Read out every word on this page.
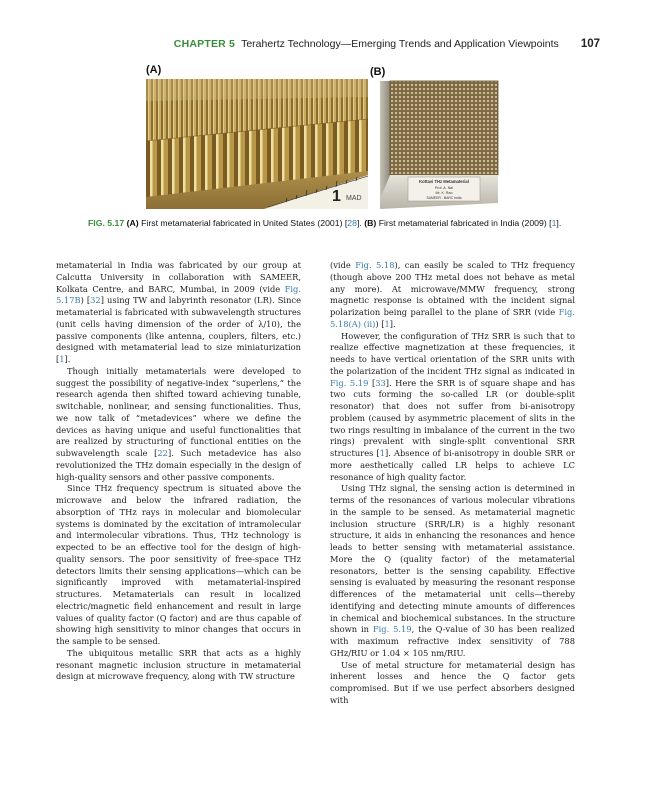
CHAPTER 5 Terahertz Technology—Emerging Trends and Application Viewpoints 107
(A)	(B)
1 MAD
Kottavi THz Metamaterial
Prof. A. Nai
Mr. K. Rao
SAMEER - BARC India
FIG. 5.17 (A) First metamaterial fabricated in United States (2001) [28]. (B) First metamaterial fabricated in India (2009) [1].

metamaterial in India was fabricated by our group at Calcutta University in collaboration with SAMEER, Kolkata Centre, and BARC, Mumbai, in 2009 (vide Fig. 5.17B) [32] using TW and labyrinth resonator (LR). Since metamaterial is fabricated with subwavelength structures (unit cells having dimension of the order of λ/10), the passive components (like antenna, couplers, filters, etc.) designed with metamaterial lead to size miniaturization [1].

Though initially metamaterials were developed to suggest the possibility of negative-index “superlens,” the research agenda then shifted toward achieving tunable, switchable, nonlinear, and sensing functionalities. Thus, we now talk of “metadevices” where we define the devices as having unique and useful functionalities that are realized by structuring of functional entities on the subwavelength scale [22]. Such metadevice has also revolutionized the THz domain especially in the design of high-quality sensors and other passive components.

Since THz frequency spectrum is situated above the microwave and below the infrared radiation, the absorption of THz rays in molecular and biomolecular systems is dominated by the excitation of intramolecular and intermolecular vibrations. Thus, THz technology is expected to be an effective tool for the design of high-quality sensors. The poor sensitivity of free-space THz detectors limits their sensing applications—which can be significantly improved with metamaterial-inspired structures. Metamaterials can result in localized electric/magnetic field enhancement and result in large values of quality factor (Q factor) and are thus capable of showing high sensitivity to minor changes that occurs in the sample to be sensed.

The ubiquitous metallic SRR that acts as a highly resonant magnetic inclusion structure in metamaterial design at microwave frequency, along with TW structure

(vide Fig. 5.18), can easily be scaled to THz frequency (though above 200 THz metal does not behave as metal any more). At microwave/MMW frequency, strong magnetic response is obtained with the incident signal polarization being parallel to the plane of SRR (vide Fig. 5.18(A) (ii)) [1].

However, the configuration of THz SRR is such that to realize effective magnetization at these frequencies, it needs to have vertical orientation of the SRR units with the polarization of the incident THz signal as indicated in Fig. 5.19 [33]. Here the SRR is of square shape and has two cuts forming the so-called LR (or double-split resonator) that does not suffer from bi-anisotropy problem (caused by asymmetric placement of slits in the two rings resulting in imbalance of the current in the two rings) prevalent with single-split conventional SRR structures [1]. Absence of bi-anisotropy in double SRR or more aesthetically called LR helps to achieve LC resonance of high quality factor.

Using THz signal, the sensing action is determined in terms of the resonances of various molecular vibrations in the sample to be sensed. As metamaterial magnetic inclusion structure (SRR/LR) is a highly resonant structure, it aids in enhancing the resonances and hence leads to better sensing with metamaterial assistance. More the Q (quality factor) of the metamaterial resonators, better is the sensing capability. Effective sensing is evaluated by measuring the resonant response differences of the metamaterial unit cells—thereby identifying and detecting minute amounts of differences in chemical and biochemical substances. In the structure shown in Fig. 5.19, the Q-value of 30 has been realized with maximum refractive index sensitivity of 788 GHz/RIU or 1.04 × 105 nm/RIU.

Use of metal structure for metamaterial design has inherent losses and hence the Q factor gets compromised. But if we use perfect absorbers designed with
